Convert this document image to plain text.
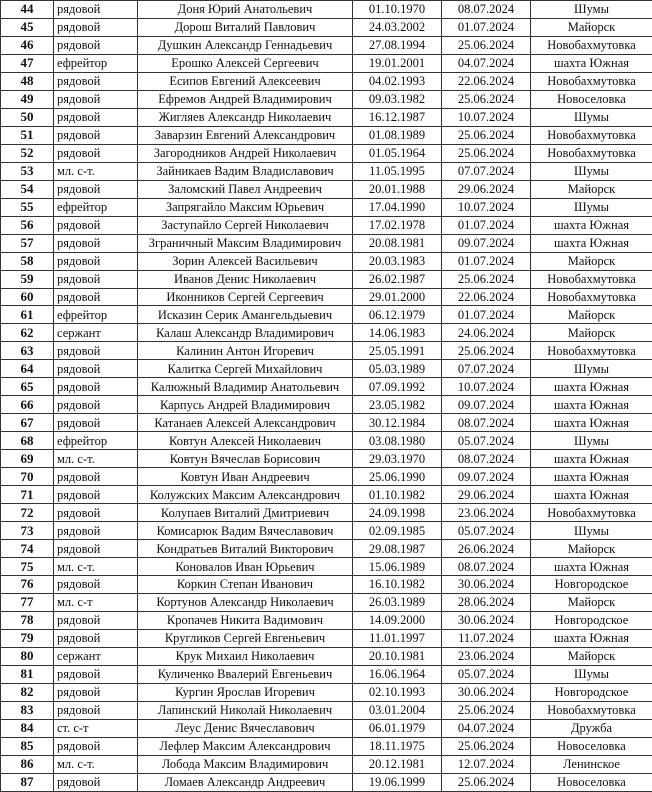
44	рядовой	Доня Юрий Анатольевич	01.10.1970	08.07.2024	Шумы
45	рядовой	Дорош Виталий Павлович	24.03.2002	01.07.2024	Майорск
46	рядовой	Душкин Александр Геннадьевич	27.08.1994	25.06.2024	Новобахмутовка
47	ефрейтор	Ерошко Алексей Сергеевич	19.01.2001	04.07.2024	шахта Южная
48	рядовой	Есипов Евгений Алексеевич	04.02.1993	22.06.2024	Новобахмутовка
49	рядовой	Ефремов Андрей Владимирович	09.03.1982	25.06.2024	Новоселовка
50	рядовой	Жигляев Александр Николаевич	16.12.1987	10.07.2024	Шумы
51	рядовой	Заварзин Евгений Александрович	01.08.1989	25.06.2024	Новобахмутовка
52	рядовой	Загородников Андрей Николаевич	01.05.1964	25.06.2024	Новобахмутовка
53	мл. с-т.	Зайникаев Вадим Владиславович	11.05.1995	07.07.2024	Шумы
54	рядовой	Заломский Павел Андреевич	20.01.1988	29.06.2024	Майорск
55	ефрейтор	Запрягайло Максим Юрьевич	17.04.1990	10.07.2024	Шумы
56	рядовой	Заступайло Сергей Николаевич	17.02.1978	01.07.2024	шахта Южная
57	рядовой	Зграничный Максим Владимирович	20.08.1981	09.07.2024	шахта Южная
58	рядовой	Зорин Алексей Васильевич	20.03.1983	01.07.2024	Майорск
59	рядовой	Иванов Денис Николаевич	26.02.1987	25.06.2024	Новобахмутовка
60	рядовой	Иконников Сергей Сергеевич	29.01.2000	22.06.2024	Новобахмутовка
61	ефрейтор	Исказин Серик Амангельдыевич	06.12.1979	01.07.2024	Майорск
62	сержант	Калаш Александр Владимирович	14.06.1983	24.06.2024	Майорск
63	рядовой	Калинин Антон Игоревич	25.05.1991	25.06.2024	Новобахмутовка
64	рядовой	Калитка Сергей Михайлович	05.03.1989	07.07.2024	Шумы
65	рядовой	Калюжный Владимир Анатольевич	07.09.1992	10.07.2024	шахта Южная
66	рядовой	Карпусь Андрей Владимирович	23.05.1982	09.07.2024	шахта Южная
67	рядовой	Катанаев Алексей Александрович	30.12.1984	08.07.2024	шахта Южная
68	ефрейтор	Ковтун Алексей Николаевич	03.08.1980	05.07.2024	Шумы
69	мл. с-т.	Ковтун Вячеслав Борисович	29.03.1970	08.07.2024	шахта Южная
70	рядовой	Ковтун Иван Андреевич	25.06.1990	09.07.2024	шахта Южная
71	рядовой	Колужских Максим Александрович	01.10.1982	29.06.2024	шахта Южная
72	рядовой	Колупаев Виталий Дмитриевич	24.09.1998	23.06.2024	Новобахмутовка
73	рядовой	Комисарюк Вадим Вячеславович	02.09.1985	05.07.2024	Шумы
74	рядовой	Кондратьев Виталий Викторович	29.08.1987	26.06.2024	Майорск
75	мл. с-т.	Коновалов Иван Юрьевич	15.06.1989	08.07.2024	шахта Южная
76	рядовой	Коркин Степан Иванович	16.10.1982	30.06.2024	Новгородское
77	мл. с-т	Кортунов Александр Николаевич	26.03.1989	28.06.2024	Майорск
78	рядовой	Кропачев Никита Вадимович	14.09.2000	30.06.2024	Новгородское
79	рядовой	Кругликов Сергей Евгеньевич	11.01.1997	11.07.2024	шахта Южная
80	сержант	Крук Михаил Николаевич	20.10.1981	23.06.2024	Майорск
81	рядовой	Куличенко Ввалерий Евгеньевич	16.06.1964	05.07.2024	Шумы
82	рядовой	Кургин Ярослав Игоревич	02.10.1993	30.06.2024	Новгородское
83	рядовой	Лапинский Николай Николаевич	03.01.2004	25.06.2024	Новобахмутовка
84	ст. с-т	Леус Денис Вячеславович	06.01.1979	04.07.2024	Дружба
85	рядовой	Лефлер Максим Александрович	18.11.1975	25.06.2024	Новоселовка
86	мл. с-т.	Лобода Максим Владимирович	20.12.1981	12.07.2024	Ленинское
87	рядовой	Ломаев Александр Андреевич	19.06.1999	25.06.2024	Новоселовка
